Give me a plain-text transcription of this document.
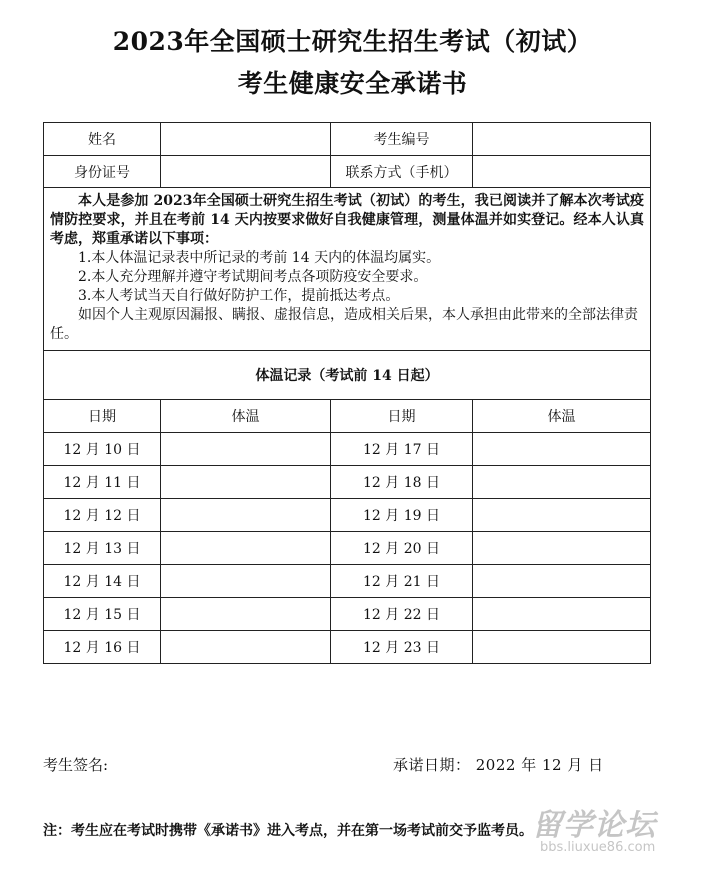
2023年全国硕士研究生招生考试（初试）
考生健康安全承诺书
姓名		考生编号	
身份证号		联系方式（手机）	

本人是参加 2023年全国硕士研究生招生考试（初试）的考生，我已阅读并了解本次考试疫情防控要求，并且在考前 14 天内按要求做好自我健康管理，测量体温并如实登记。经本人认真考虑，郑重承诺以下事项：
1.本人体温记录表中所记录的考前 14 天内的体温均属实。
2.本人充分理解并遵守考试期间考点各项防疫安全要求。
3.本人考试当天自行做好防护工作，提前抵达考点。
如因个人主观原因漏报、瞒报、虚报信息，造成相关后果，本人承担由此带来的全部法律责任。			

体温记录（考试前 14 日起）			
日期	体温	日期	体温
12 月 10 日		12 月 17 日	
12 月 11 日		12 月 18 日	
12 月 12 日		12 月 19 日	
12 月 13 日		12 月 20 日	
12 月 14 日		12 月 21 日	
12 月 15 日		12 月 22 日	
12 月 16 日		12 月 23 日	
考生签名:	承诺日期： 2022 年 12 月 日
注：考生应在考试时携带《承诺书》进入考点，并在第一场考试前交予监考员。 留学论坛
bbs.liuxue86.com
